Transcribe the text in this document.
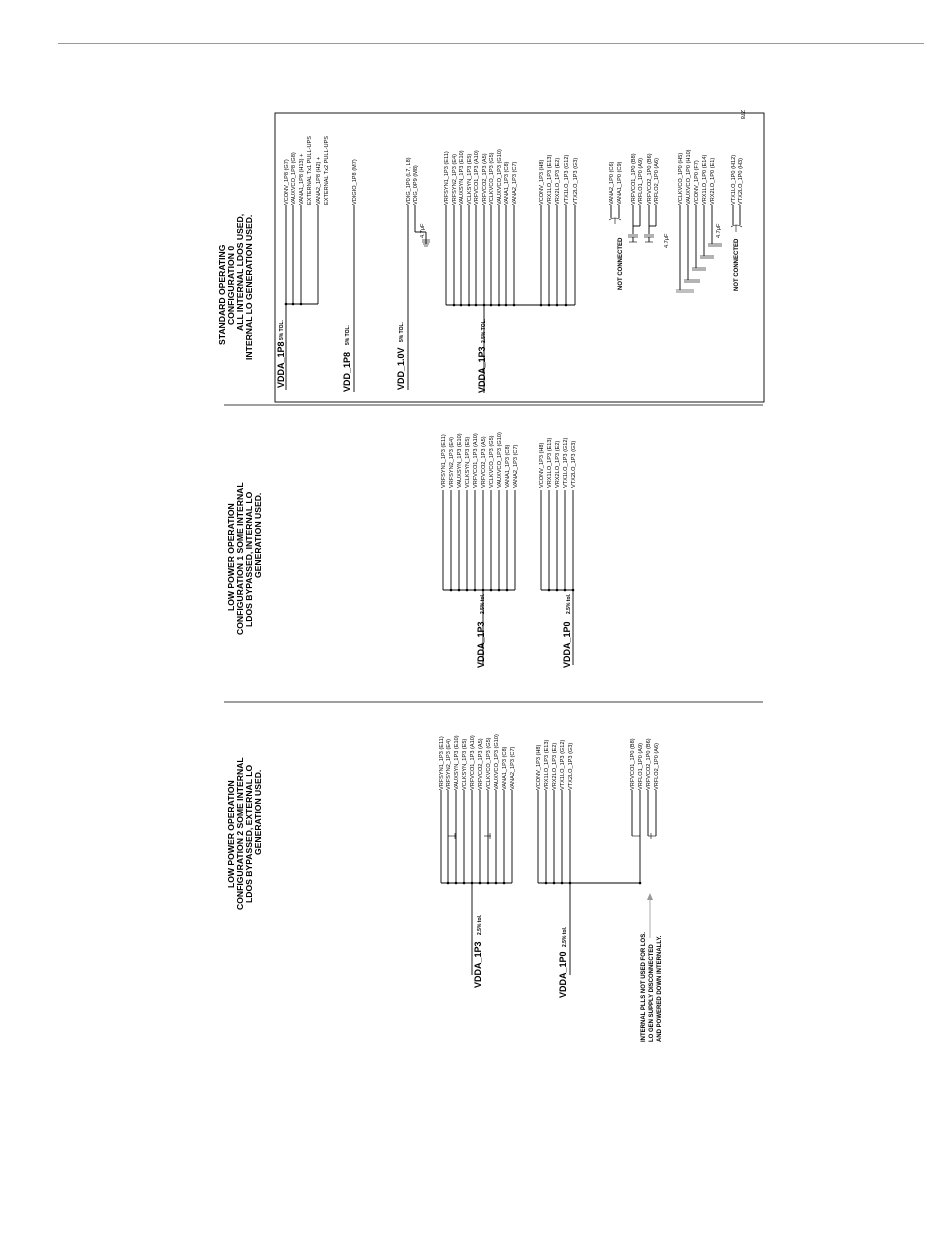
278
STANDARD OPERATING CONFIGURATION 0 ALL INTERNAL LDOS USED, INTERNAL LO GENERATION USED.
VDDA_1P8
5% TOL.
VDD_1P8
5% TOL.
VDD_1.0V
5% TOL.
VDDA_1P3
2.5% TOL.
VCONV_1P8 (G7) VAUXVCO_1P8 (G8) VANA1_1P8 (H13) + EXTERNAL Tx1 PULL-UPS VANA2_1P8 (H2) + EXTERNAL Tx2 PULL-UPS	VDIGIO_1P8 (M7)
4.7μF
VDIG_1P0 (L7, L8) VDIG_0P9 (M8)	VRFSYN1_1P3 (E11) VRFSYN2_1P3 (E4) VAUXSYN_1P3 (E10) VCLKSYN_1P3 (E5) VRFVCO1_1P3 (A10) VRFVCO2_1P3 (A5) VCLKVCO_1P3 (G5) VAUXVCO_1P3 (G10) VANA1_1P3 (C8) VANA2_1P3 (C7)	VCONV_1P3 (H8) VRX1LO_1P3 (E13) VRX2LO_1P3 (E2) VTX1LO_1P3 (G12) VTX2LO_1P3 (G3)	VANA2_1P0 (C6) VANA1_1P0 (C9)
NOT CONNECTED	4.7μF
VRFVCO1_1P0 (B8) VRFLO1_1P0 (A9) VRFVCO2_1P0 (B6) VRFLO2_1P0 (A6)
4.7μF
VCLKVCO_1P0 (H5) VAUXVCO_1P0 (H10) VCONV_1P0 (F7) VRX1LO_1P0 (E14) VRX2LO_1P0 (E1)	VTX1LO_1P0 (H12) VTX2LO_1P0 (H3)
NOT CONNECTED
LOW POWER OPERATION CONFIGURATION 1 SOME INTERNAL LDOS BYPASSED, INTERNAL LO GENERATION USED.
VRFSYN1_1P3 (E11) VRFSYN2_1P3 (E4) VAUXSYN_1P3 (E10) VCLKSYN_1P3 (E5) VRFVCO1_1P3 (A10) VRFVCO2_1P3 (A5) VCLKVCO_1P3 (G5) VAUXVCO_1P3 (G10) VANA1_1P3 (C8) VANA2_1P3 (C7)
VDDA_1P3
2.5% tol.
VCONV_1P3 (H8) VRX1LO_1P3 (E13) VRX2LO_1P3 (E2) VTX1LO_1P3 (G12) VTX2LO_1P3 (G3)
VDDA_1P0
2.5% tol.
LOW POWER OPERATION CONFIGURATION 2 SOME INTERNAL LDOS BYPASSED, EXTERNAL LO GENERATION USED.
VRFSYN1_1P3 (E11) VRFSYN2_1P3 (E4) VAUXSYN_1P3 (E10) VCLKSYN_1P3 (E5) VRFVCO1_1P3 (A10) VRFVCO2_1P3 (A5) VCLKVCO_1P3 (G5) VAUXVCO_1P3 (G10) VANA1_1P3 (C8) VANA2_1P3 (C7)
VDDA_1P3
2.5% tol.
VCONV_1P3 (H8) VRX1LO_1P3 (E13) VRX2LO_1P3 (E2) VTX1LO_1P3 (G12) VTX2LO_1P3 (G3)
VDDA_1P0
2.5% tol.
VRFVCO1_1P0 (B8) VRFLO1_1P0 (A9) VRFVCO2_1P0 (B6) VRFLO2_1P0 (A6)
INTERNAL PLLS NOT USED FOR LOS. LO GEN SUPPLY DISCONNECTED AND POWERED DOWN INTERNALLY.
